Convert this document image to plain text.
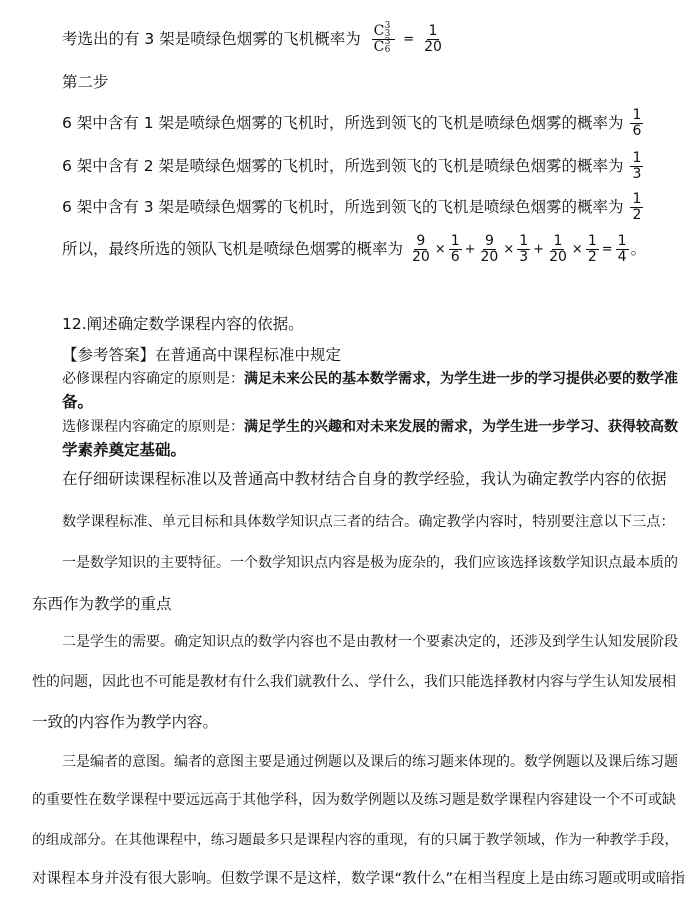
考选出的有 3 架是喷绿色烟雾的飞机概率为 C 3
3

C 3
6
= $\frac{1}{20}$
第二步
6 架中含有 1 架是喷绿色烟雾的飞机时，所选到领飞的飞机是喷绿色烟雾的概率为 $\frac{1}{6}$
6 架中含有 2 架是喷绿色烟雾的飞机时，所选到领飞的飞机是喷绿色烟雾的概率为 $\frac{1}{3}$
6 架中含有 3 架是喷绿色烟雾的飞机时，所选到领飞的飞机是喷绿色烟雾的概率为 $\frac{1}{2}$
所以，最终所选的领队飞机是喷绿色烟雾的概率为 $\frac{9}{20} \times \frac{1}{6} + \frac{9}{20} \times \frac{1}{3} + \frac{1}{20} \times \frac{1}{2} = \frac{1}{4}$ 。
12.阐述确定数学课程内容的依据。
【参考答案】在普通高中课程标准中规定
必修课程内容确定的原则是：满足未来公民的基本数学需求，为学生进一步的学习提供必要的数学准
备。
选修课程内容确定的原则是：满足学生的兴趣和对未来发展的需求，为学生进一步学习、获得较高数
学素养奠定基础。
在仔细研读课程标准以及普通高中教材结合自身的教学经验，我认为确定教学内容的依据
数学课程标准、单元目标和具体数学知识点三者的结合。确定教学内容时，特别要注意以下三点：
一是数学知识的主要特征。一个数学知识点内容是极为庞杂的，我们应该选择该数学知识点最本质的
东西作为教学的重点
二是学生的需要。确定知识点的数学内容也不是由教材一个要素决定的，还涉及到学生认知发展阶段
性的问题，因此也不可能是教材有什么我们就教什么、学什么，我们只能选择教材内容与学生认知发展相
一致的内容作为教学内容。
三是编者的意图。编者的意图主要是通过例题以及课后的练习题来体现的。数学例题以及课后练习题
的重要性在数学课程中要远远高于其他学科，因为数学例题以及练习题是数学课程内容建设一个不可或缺
的组成部分。在其他课程中，练习题最多只是课程内容的重现，有的只属于教学领域，作为一种教学手段，
对课程本身并没有很大影响。但数学课不是这样，数学课“教什么”在相当程度上是由练习题或明或暗指
